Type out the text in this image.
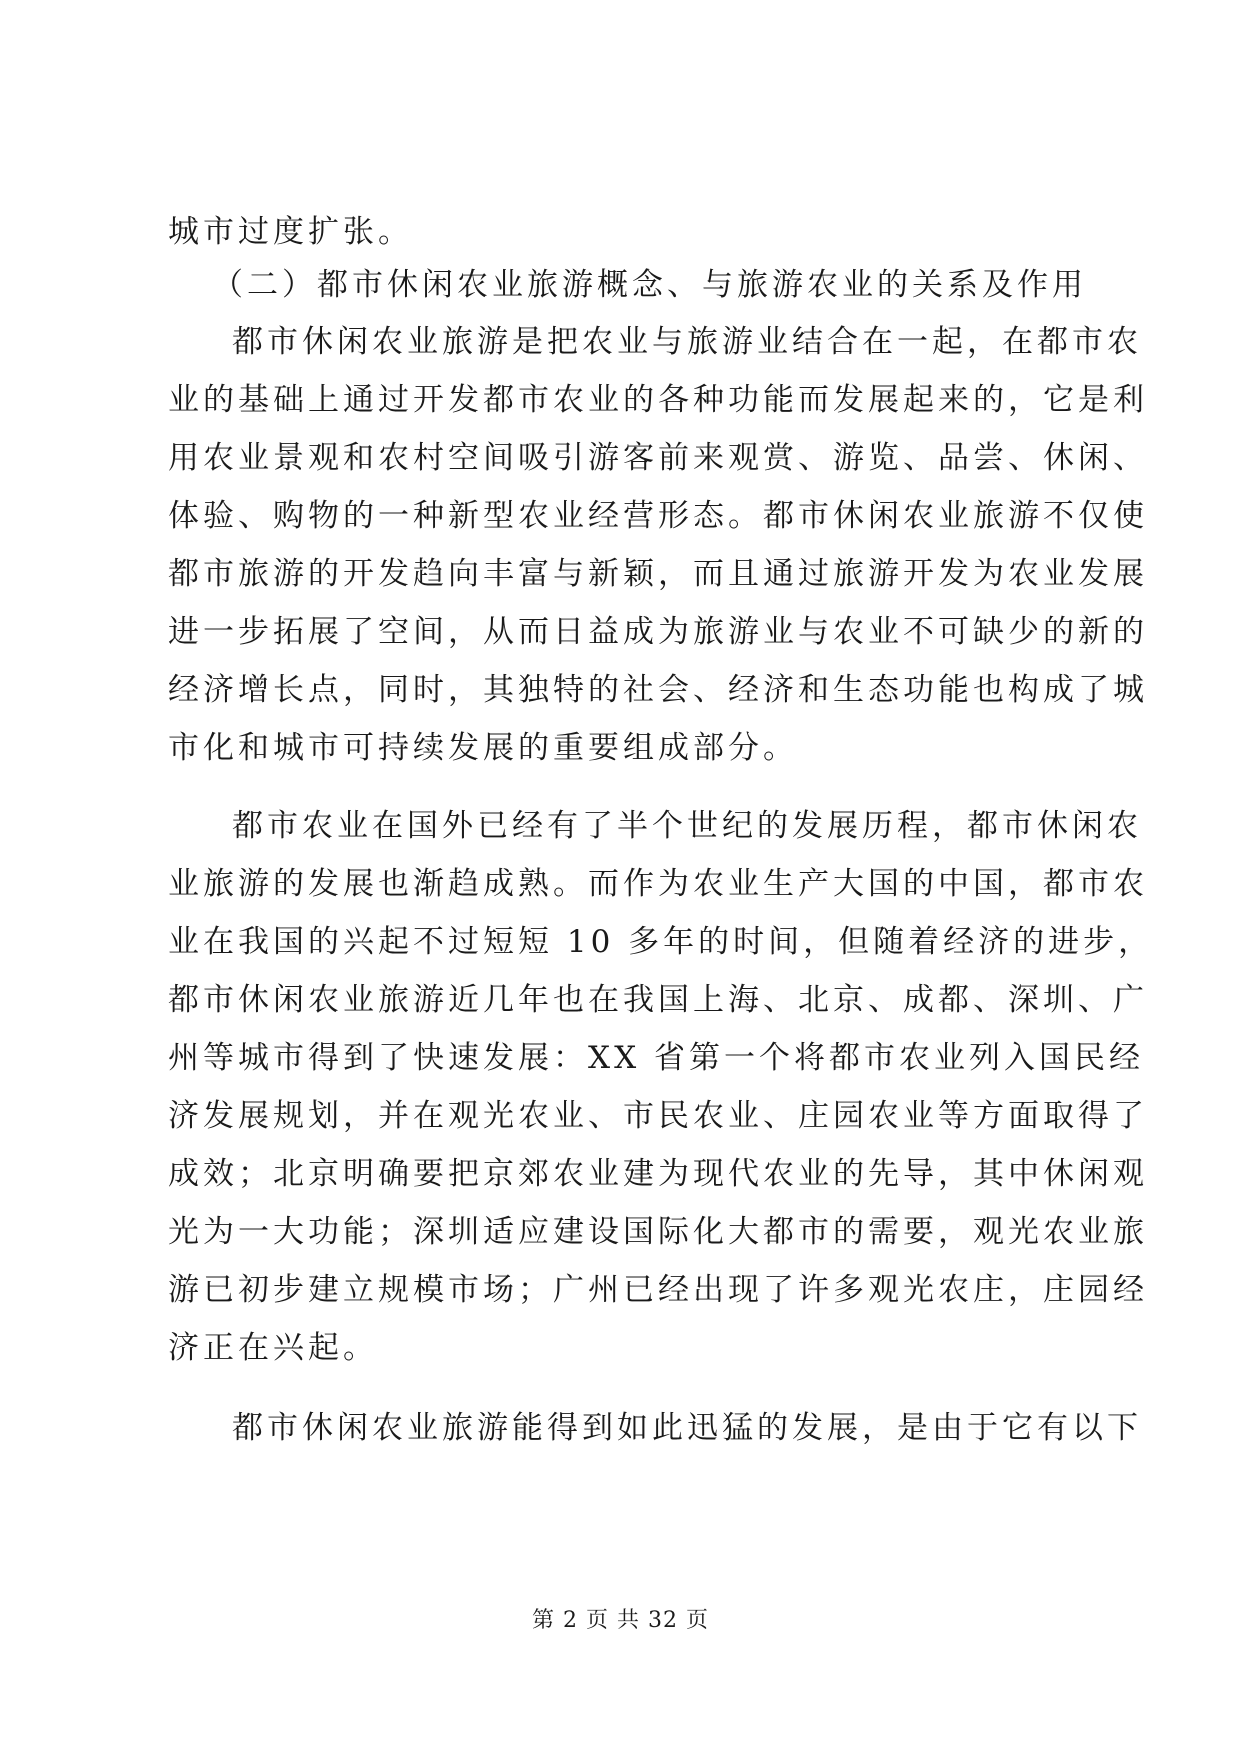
城市过度扩张。
（二）都市休闲农业旅游概念、与旅游农业的关系及作用
都市休闲农业旅游是把农业与旅游业结合在一起，在都市农
业的基础上通过开发都市农业的各种功能而发展起来的，它是利
用农业景观和农村空间吸引游客前来观赏、游览、品尝、休闲、
体验、购物的一种新型农业经营形态。都市休闲农业旅游不仅使
都市旅游的开发趋向丰富与新颖，而且通过旅游开发为农业发展
进一步拓展了空间，从而日益成为旅游业与农业不可缺少的新的
经济增长点，同时，其独特的社会、经济和生态功能也构成了城
市化和城市可持续发展的重要组成部分。
都市农业在国外已经有了半个世纪的发展历程，都市休闲农
业旅游的发展也渐趋成熟。而作为农业生产大国的中国，都市农
业在我国的兴起不过短短 10 多年的时间，但随着经济的进步，
都市休闲农业旅游近几年也在我国上海、北京、成都、深圳、广
州等城市得到了快速发展：XX 省第一个将都市农业列入国民经
济发展规划，并在观光农业、市民农业、庄园农业等方面取得了
成效；北京明确要把京郊农业建为现代农业的先导，其中休闲观
光为一大功能；深圳适应建设国际化大都市的需要，观光农业旅
游已初步建立规模市场；广州已经出现了许多观光农庄，庄园经
济正在兴起。
都市休闲农业旅游能得到如此迅猛的发展，是由于它有以下
第 2 页 共 32 页
